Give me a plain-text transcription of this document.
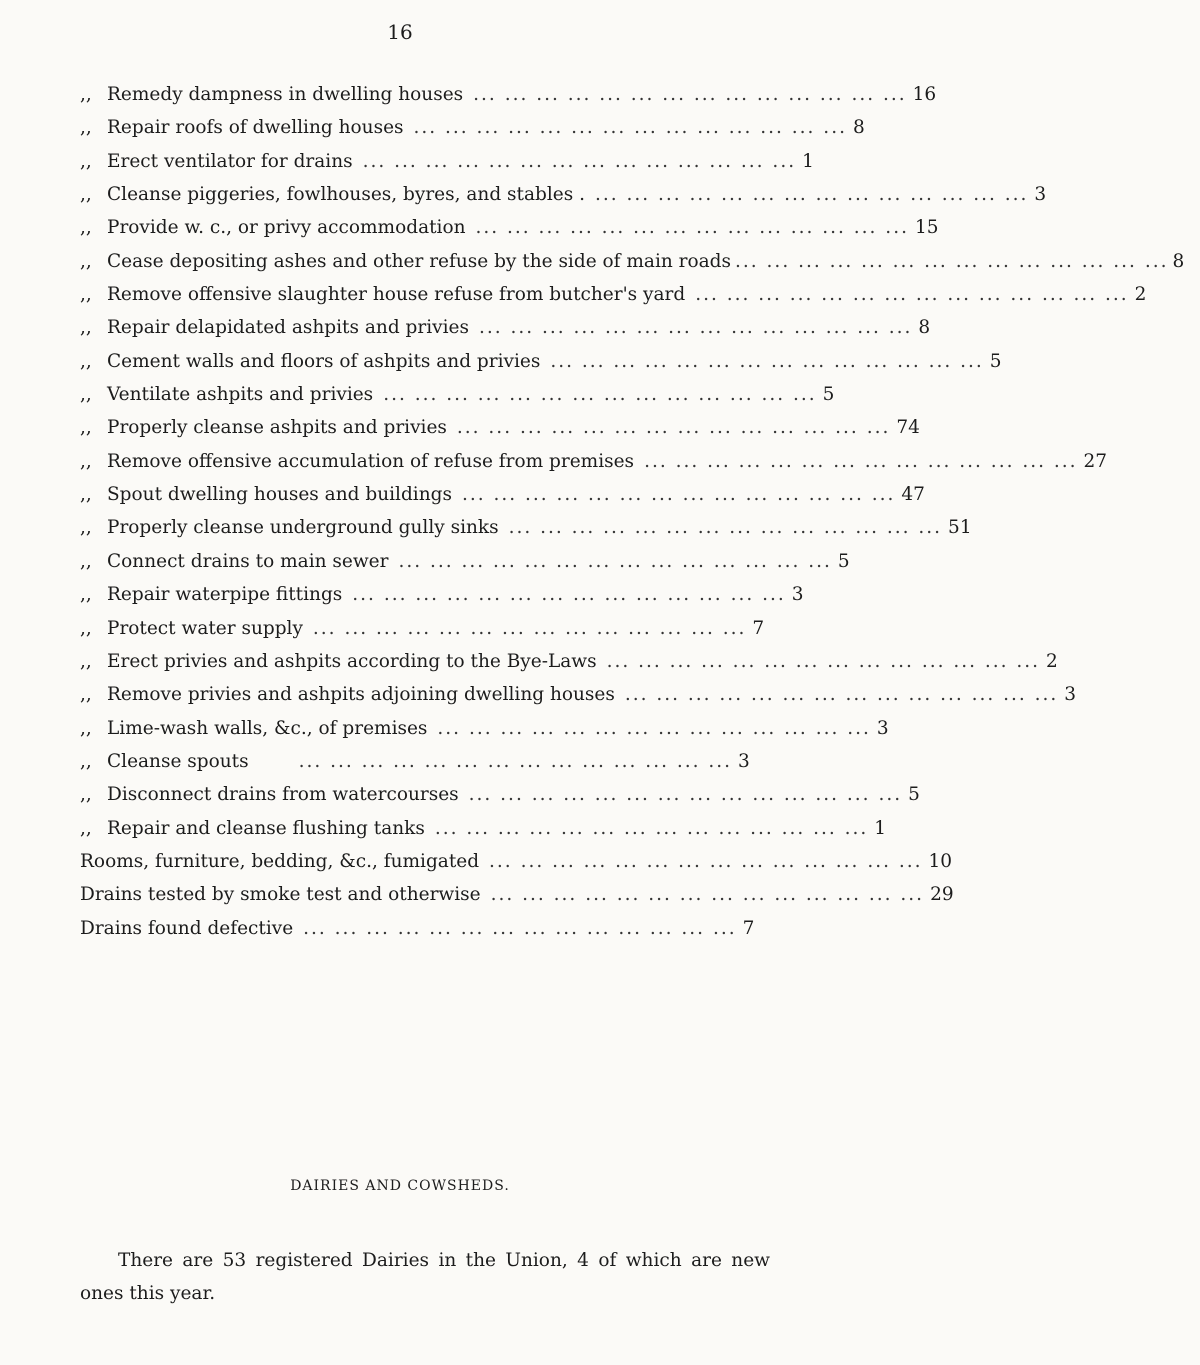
16
,, Remedy dampness in dwelling houses ... .	16
,, Repair roofs of dwelling houses ... .	8
,, Erect ventilator for drains ... .	1
,, Cleanse piggeries, fowlhouses, byres, and stables . ... .	3
,, Provide w. c., or privy accommodation ... .	15
,, Cease depositing ashes and other refuse by the side of main roads ... .	8
,, Remove offensive slaughter house refuse from butcher's yard ... .	2
,, Repair delapidated ashpits and privies ... .	8
,, Cement walls and floors of ashpits and privies ... .	5
,, Ventilate ashpits and privies ... .	5
,, Properly cleanse ashpits and privies ... .	74
,, Remove offensive accumulation of refuse from premises ... .	27
,, Spout dwelling houses and buildings ... .	47
,, Properly cleanse underground gully sinks ... .	51
,, Connect drains to main sewer ... .	5
,, Repair waterpipe fittings ... .	3
,, Protect water supply ... .	7
,, Erect privies and ashpits according to the Bye-Laws ... .	2
,, Remove privies and ashpits adjoining dwelling houses ... .	3
,, Lime-wash walls, &c., of premises ... .	3
,, Cleanse spouts ... .	3
,, Disconnect drains from watercourses ... .	5
,, Repair and cleanse flushing tanks ... .	1
Rooms, furniture, bedding, &c., fumigated ... .	10
Drains tested by smoke test and otherwise ... .	29
Drains found defective ... .	7
DAIRIES AND COWSHEDS.

There are 53 registered Dairies in the Union, 4 of which are new ones this year.
